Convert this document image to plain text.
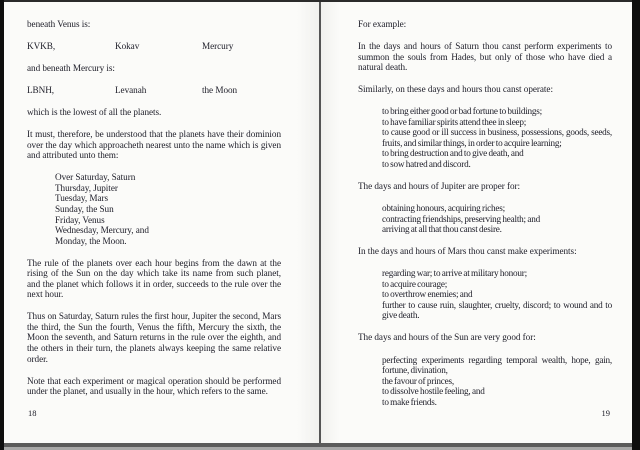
beneath Venus is:

KVKB,	Kokav	Mercury

and beneath Mercury is:

LBNH,	Levanah	the Moon

which is the lowest of all the planets.

It must, therefore, be understood that the planets have their dominion over the day which approacheth nearest unto the name which is given and attributed unto them:

Over Saturday, Saturn
Thursday, Jupiter
Tuesday, Mars
Sunday, the Sun
Friday, Venus
Wednesday, Mercury, and
Monday, the Moon.

The rule of the planets over each hour begins from the dawn at the rising of the Sun on the day which take its name from such planet, and the planet which follows it in order, succeeds to the rule over the next hour.

Thus on Saturday, Saturn rules the first hour, Jupiter the second, Mars the third, the Sun the fourth, Venus the fifth, Mercury the sixth, the Moon the seventh, and Saturn returns in the rule over the eighth, and the others in their turn, the planets always keeping the same relative order.

Note that each experiment or magical operation should be performed under the planet, and usually in the hour, which refers to the same.

18

For example:

In the days and hours of Saturn thou canst perform experiments to summon the souls from Hades, but only of those who have died a natural death.

Similarly, on these days and hours thou canst operate:

to bring either good or bad fortune to buildings;
to have familiar spirits attend thee in sleep;
to cause good or ill success in business, possessions, goods, seeds, fruits, and similar things, in order to acquire learning;
to bring destruction and to give death, and
to sow hatred and discord.

The days and hours of Jupiter are proper for:

obtaining honours, acquiring riches;
contracting friendships, preserving health; and
arriving at all that thou canst desire.

In the days and hours of Mars thou canst make experiments:

regarding war; to arrive at military honour;
to acquire courage;
to overthrow enemies; and
further to cause ruin, slaughter, cruelty, discord; to wound and to give death.

The days and hours of the Sun are very good for:

perfecting experiments regarding temporal wealth, hope, gain, fortune, divination,
the favour of princes,
to dissolve hostile feeling, and
to make friends.
19
